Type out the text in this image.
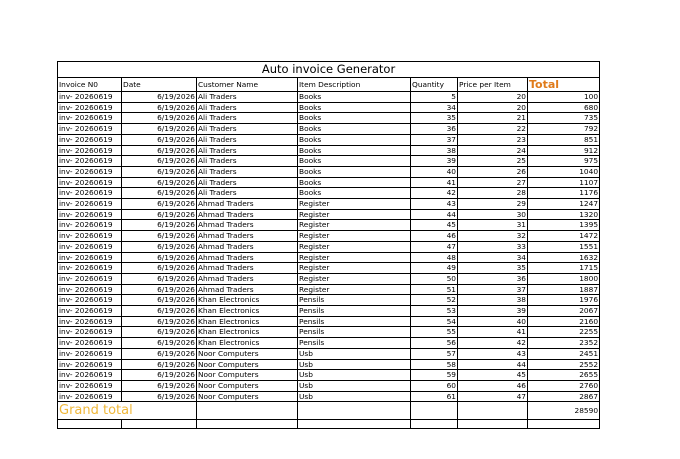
Auto invoice Generator						
Invoice N0	Date	Customer Name	Item Description	Quantity	Price per Item	Total
inv- 20260619	6/19/2026	Ali Traders	Books	5	20	100
inv- 20260619	6/19/2026	Ali Traders	Books	34	20	680
inv- 20260619	6/19/2026	Ali Traders	Books	35	21	735
inv- 20260619	6/19/2026	Ali Traders	Books	36	22	792
inv- 20260619	6/19/2026	Ali Traders	Books	37	23	851
inv- 20260619	6/19/2026	Ali Traders	Books	38	24	912
inv- 20260619	6/19/2026	Ali Traders	Books	39	25	975
inv- 20260619	6/19/2026	Ali Traders	Books	40	26	1040
inv- 20260619	6/19/2026	Ali Traders	Books	41	27	1107
inv- 20260619	6/19/2026	Ali Traders	Books	42	28	1176
inv- 20260619	6/19/2026	Ahmad Traders	Register	43	29	1247
inv- 20260619	6/19/2026	Ahmad Traders	Register	44	30	1320
inv- 20260619	6/19/2026	Ahmad Traders	Register	45	31	1395
inv- 20260619	6/19/2026	Ahmad Traders	Register	46	32	1472
inv- 20260619	6/19/2026	Ahmad Traders	Register	47	33	1551
inv- 20260619	6/19/2026	Ahmad Traders	Register	48	34	1632
inv- 20260619	6/19/2026	Ahmad Traders	Register	49	35	1715
inv- 20260619	6/19/2026	Ahmad Traders	Register	50	36	1800
inv- 20260619	6/19/2026	Ahmad Traders	Register	51	37	1887
inv- 20260619	6/19/2026	Khan Electronics	Pensils	52	38	1976
inv- 20260619	6/19/2026	Khan Electronics	Pensils	53	39	2067
inv- 20260619	6/19/2026	Khan Electronics	Pensils	54	40	2160
inv- 20260619	6/19/2026	Khan Electronics	Pensils	55	41	2255
inv- 20260619	6/19/2026	Khan Electronics	Pensils	56	42	2352
inv- 20260619	6/19/2026	Noor Computers	Usb	57	43	2451
inv- 20260619	6/19/2026	Noor Computers	Usb	58	44	2552
inv- 20260619	6/19/2026	Noor Computers	Usb	59	45	2655
inv- 20260619	6/19/2026	Noor Computers	Usb	60	46	2760
inv- 20260619	6/19/2026	Noor Computers	Usb	61	47	2867
Grand total						28590
